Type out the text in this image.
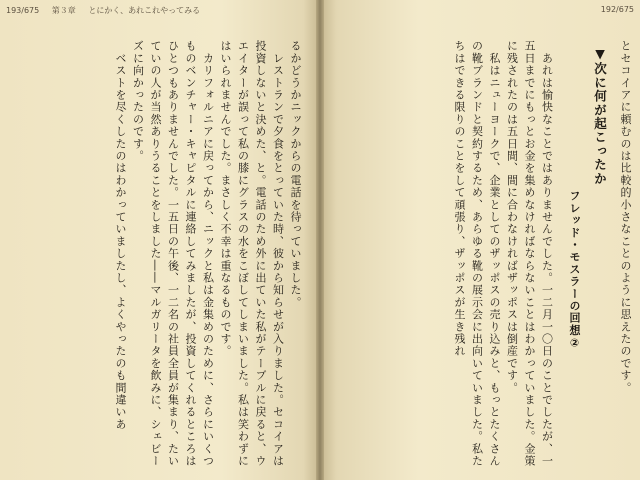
193/675 第３章 とにかく、あれこれやってみる

るかどうかニックからの電話を待っていました。

　レストランで夕食をとっていた時、彼から知らせが入りました。セコイアは投資しないと決めた、と。電話のため外に出ていた私がテーブルに戻ると、ウエイターが誤って私の膝にグラスの水をこぼしてしまいました。私は笑わずにはいられませんでした。まさしく不幸は重なるものです。

　カリフォルニアに戻ってから、ニックと私は金集めのために、さらにいくつものベンチャー・キャピタルに連絡してみましたが、投資してくれるところはひとつもありませんでした。一五日の午後、一二名の社員全員が集まり、たいていの人が当然ありうることをしました――マルガリータを飲みに、シェビーズに向かったのです。

　ベストを尽くしたのはわかっていましたし、よくやったのも間違いあ

192/675

とセコイアに頼むのは比較的小さなことのように思えたのです。

▼次に何が起こったか

フレッド・モスラーの回想②

　あれは愉快なことではありませんでした。一二月一〇日のことでしたが、一五日までにもっとお金を集めなければならないことはわかっていました。金策に残されたのは五日間、間に合わなければザッポスは倒産です。

　私はニューヨークで、企業としてのザッポスの売り込みと、もっとたくさんの靴ブランドと契約するため、あらゆる靴の展示会に出向いていました。私たちはできる限りのことをして頑張り、ザッポスが生き残れ
